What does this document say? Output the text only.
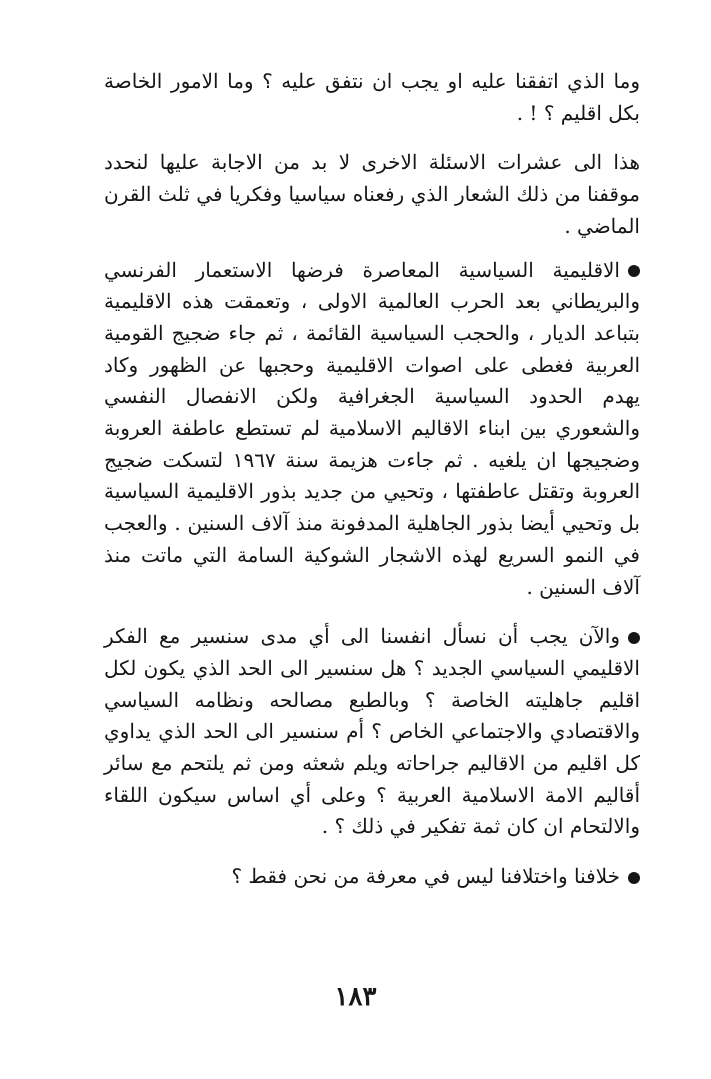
وما الذي اتفقنا عليه او يجب ان نتفق عليه ؟ وما الامور الخاصة بكل اقليم ؟ ! .

هذا الى عشرات الاسئلة الاخرى لا بد من الاجابة عليها لنحدد موقفنا من ذلك الشعار الذي رفعناه سياسيا وفكريا في ثلث القرن الماضي .

الاقليمية السياسية المعاصرة فرضها الاستعمار الفرنسي والبريطاني بعد الحرب العالمية الاولى ، وتعمقت هذه الاقليمية بتباعد الديار ، والحجب السياسية القائمة ، ثم جاء ضجيج القومية العربية فغطى على اصوات الاقليمية وحجبها عن الظهور وكاد يهدم الحدود السياسية الجغرافية ولكن الانفصال النفسي والشعوري بين ابناء الاقاليم الاسلامية لم تستطع عاطفة العروبة وضجيجها ان يلغيه . ثم جاءت هزيمة سنة ١٩٦٧ لتسكت ضجيج العروبة وتقتل عاطفتها ، وتحيي من جديد بذور الاقليمية السياسية بل وتحيي أيضا بذور الجاهلية المدفونة منذ آلاف السنين . والعجب في النمو السريع لهذه الاشجار الشوكية السامة التي ماتت منذ آلاف السنين .

والآن يجب أن نسأل انفسنا الى أي مدى سنسير مع الفكر الاقليمي السياسي الجديد ؟ هل سنسير الى الحد الذي يكون لكل اقليم جاهليته الخاصة ؟ وبالطبع مصالحه ونظامه السياسي والاقتصادي والاجتماعي الخاص ؟ أم سنسير الى الحد الذي يداوي كل اقليم من الاقاليم جراحاته ويلم شعثه ومن ثم يلتحم مع سائر أقاليم الامة الاسلامية العربية ؟ وعلى أي اساس سيكون اللقاء والالتحام ان كان ثمة تفكير في ذلك ؟ .

خلافنا واختلافنا ليس في معرفة من نحن فقط ؟

١٨٣
